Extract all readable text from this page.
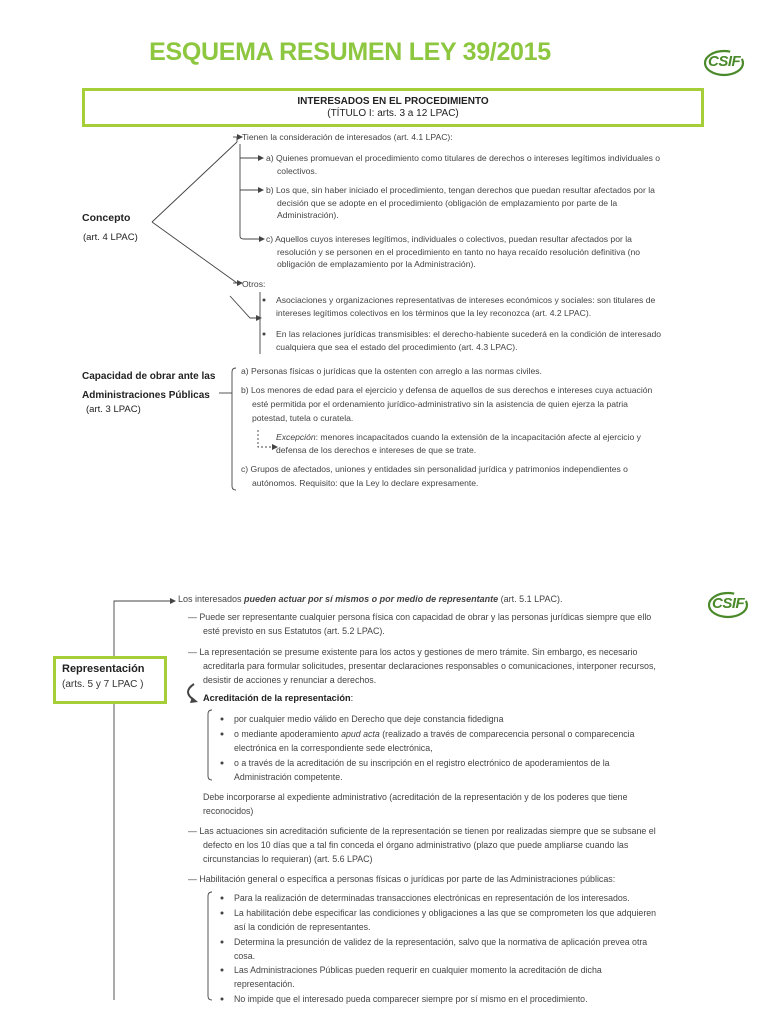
ESQUEMA RESUMEN LEY 39/2015	CSIF
INTERESADOS EN EL PROCEDIMIENTO
(TÍTULO I: arts. 3 a 12 LPAC)
Concepto
(art. 4 LPAC)
Tienen la consideración de interesados (art. 4.1 LPAC):
a) Quienes promuevan el procedimiento como titulares de derechos o intereses legítimos individuales o
colectivos.
b) Los que, sin haber iniciado el procedimiento, tengan derechos que puedan resultar afectados por la
decisión que se adopte en el procedimiento (obligación de emplazamiento por parte de la
Administración).
c) Aquellos cuyos intereses legítimos, individuales o colectivos, puedan resultar afectados por la
resolución y se personen en el procedimiento en tanto no haya recaído resolución definitiva (no
obligación de emplazamiento por la Administración).
Otros:
Asociaciones y organizaciones representativas de intereses económicos y sociales: son titulares de
intereses legítimos colectivos en los términos que la ley reconozca (art. 4.2 LPAC).
En las relaciones jurídicas transmisibles: el derecho-habiente sucederá en la condición de interesado
cualquiera que sea el estado del procedimiento (art. 4.3 LPAC).
Capacidad de obrar ante las
Administraciones Públicas
(art. 3 LPAC)
a) Personas físicas o jurídicas que la ostenten con arreglo a las normas civiles.
b) Los menores de edad para el ejercicio y defensa de aquellos de sus derechos e intereses cuya actuación
esté permitida por el ordenamiento jurídico-administrativo sin la asistencia de quien ejerza la patria
potestad, tutela o curatela.
Excepción: menores incapacitados cuando la extensión de la incapacitación afecte al ejercicio y
defensa de los derechos e intereses de que se trate.
c) Grupos de afectados, uniones y entidades sin personalidad jurídica y patrimonios independientes o
autónomos. Requisito: que la Ley lo declare expresamente.
Los interesados pueden actuar por sí mismos o por medio de representante (art. 5.1 LPAC).	CSIF
Representación
(arts. 5 y 7 LPAC )
— Puede ser representante cualquier persona física con capacidad de obrar y las personas jurídicas siempre que ello
esté previsto en sus Estatutos (art. 5.2 LPAC).
— La representación se presume existente para los actos y gestiones de mero trámite. Sin embargo, es necesario
acreditarla para formular solicitudes, presentar declaraciones responsables o comunicaciones, interponer recursos,
desistir de acciones y renunciar a derechos.
Acreditación de la representación:
por cualquier medio válido en Derecho que deje constancia fidedigna
o mediante apoderamiento apud acta (realizado a través de comparecencia personal o comparecencia
electrónica en la correspondiente sede electrónica,
o a través de la acreditación de su inscripción en el registro electrónico de apoderamientos de la
Administración competente.
Debe incorporarse al expediente administrativo (acreditación de la representación y de los poderes que tiene
reconocidos)
— Las actuaciones sin acreditación suficiente de la representación se tienen por realizadas siempre que se subsane el
defecto en los 10 días que a tal fin conceda el órgano administrativo (plazo que puede ampliarse cuando las
circunstancias lo requieran) (art. 5.6 LPAC)
— Habilitación general o específica a personas físicas o jurídicas por parte de las Administraciones públicas:
Para la realización de determinadas transacciones electrónicas en representación de los interesados.
La habilitación debe especificar las condiciones y obligaciones a las que se comprometen los que adquieren
así la condición de representantes.
Determina la presunción de validez de la representación, salvo que la normativa de aplicación prevea otra
cosa.
Las Administraciones Públicas pueden requerir en cualquier momento la acreditación de dicha
representación.
No impide que el interesado pueda comparecer siempre por sí mismo en el procedimiento.
